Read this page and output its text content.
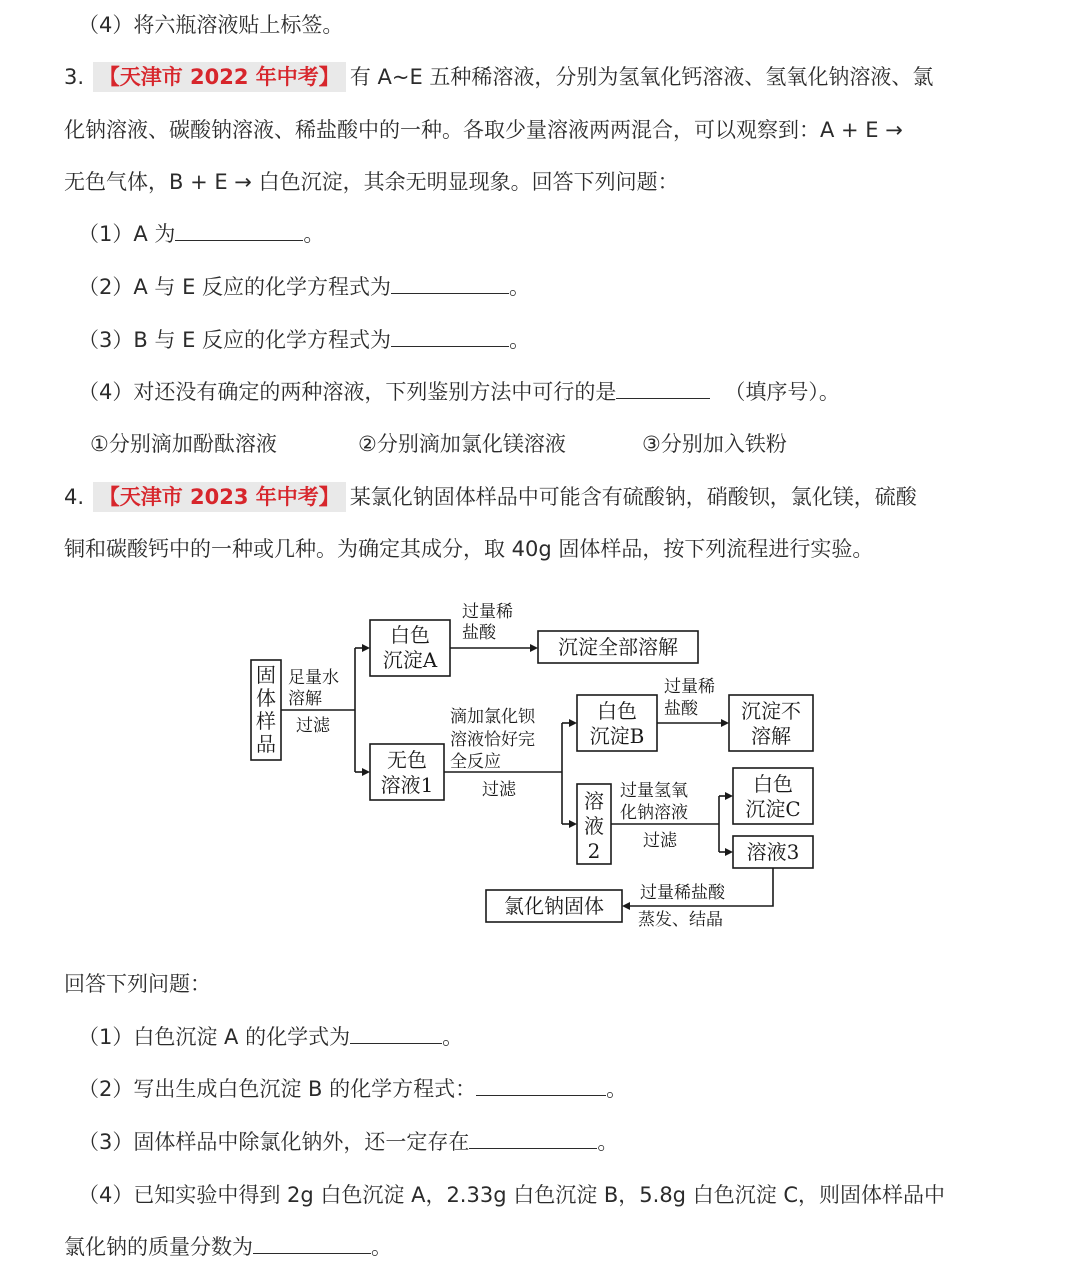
（4）将六瓶溶液贴上标签。
3. 【天津市 2022 年中考】 有 A~E 五种稀溶液，分别为氢氧化钙溶液、氢氧化钠溶液、氯
化钠溶液、碳酸钠溶液、稀盐酸中的一种。各取少量溶液两两混合，可以观察到：A + E →
无色气体，B + E → 白色沉淀，其余无明显现象。回答下列问题：
（1）A 为	。
（2）A 与 E 反应的化学方程式为	。
（3）B 与 E 反应的化学方程式为	。
（4）对还没有确定的两种溶液，下列鉴别方法中可行的是	（填序号）。
①分别滴加酚酞溶液	②分别滴加氯化镁溶液	③分别加入铁粉
4. 【天津市 2023 年中考】 某氯化钠固体样品中可能含有硫酸钠，硝酸钡，氯化镁，硫酸
铜和碳酸钙中的一种或几种。为确定其成分，取 40g 固体样品，按下列流程进行实验。
固
体
样
品
白色
沉淀A
沉淀全部溶解
无色
溶液1
白色
沉淀B
沉淀不
溶解
溶
液
2
白色
沉淀C
溶液3
氯化钠固体
足量水
溶解
过滤
过量稀
盐酸
滴加氯化钡
溶液恰好完
全反应
过滤
过量稀
盐酸
过量氢氧
化钠溶液
过滤
过量稀盐酸
蒸发、结晶
回答下列问题：
（1）白色沉淀 A 的化学式为	。
（2）写出生成白色沉淀 B 的化学方程式：	。
（3）固体样品中除氯化钠外，还一定存在	。
（4）已知实验中得到 2g 白色沉淀 A，2.33g 白色沉淀 B，5.8g 白色沉淀 C，则固体样品中
氯化钠的质量分数为	。
